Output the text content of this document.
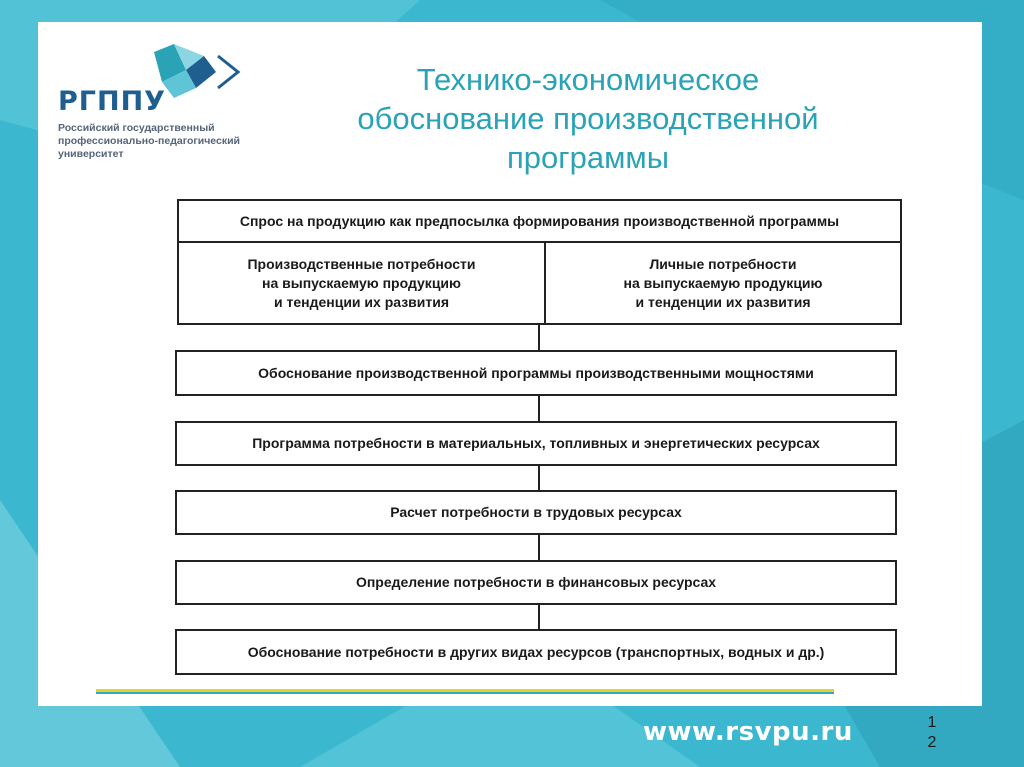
РГППУ
Российский государственный
профессионально-педагогический
университет
Технико-экономическое
обоснование производственной
программы
Спрос на продукцию как предпосылка формирования производственной программы
Производственные потребности
на выпускаемую продукцию
и тенденции их развития
Личные потребности
на выпускаемую продукцию
и тенденции их развития
Обоснование производственной программы производственными мощностями
Программа потребности в материальных, топливных и энергетических ресурсах
Расчет потребности в трудовых ресурсах
Определение потребности в финансовых ресурсах
Обоснование потребности в других видах ресурсов (транспортных, водных и др.)
www.rsvpu.ru	1
2
